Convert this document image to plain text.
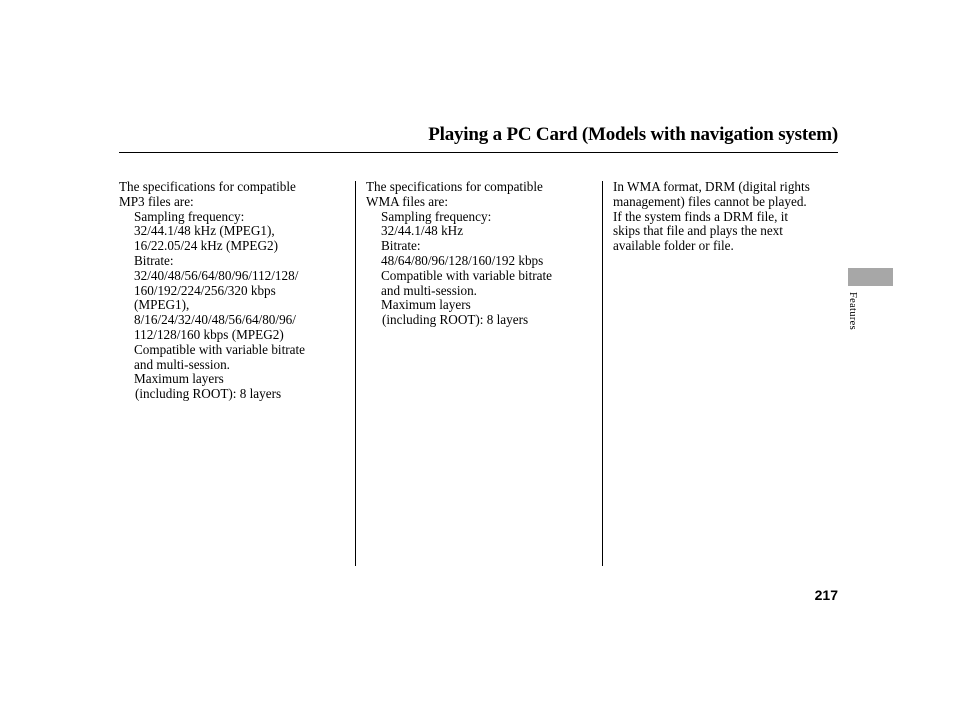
Playing a PC Card (Models with navigation system)
The specifications for compatible
MP3 files are:
Sampling frequency:
32/44.1/48 kHz (MPEG1),
16/22.05/24 kHz (MPEG2)
Bitrate:
32/40/48/56/64/80/96/112/128/
160/192/224/256/320 kbps
(MPEG1),
8/16/24/32/40/48/56/64/80/96/
112/128/160 kbps (MPEG2)
Compatible with variable bitrate
and multi-session.
Maximum layers
(including ROOT): 8 layers
The specifications for compatible
WMA files are:
Sampling frequency:
32/44.1/48 kHz
Bitrate:
48/64/80/96/128/160/192 kbps
Compatible with variable bitrate
and multi-session.
Maximum layers
(including ROOT): 8 layers
In WMA format, DRM (digital rights
management) files cannot be played.
If the system finds a DRM file, it
skips that file and plays the next
available folder or file.
Features
217
